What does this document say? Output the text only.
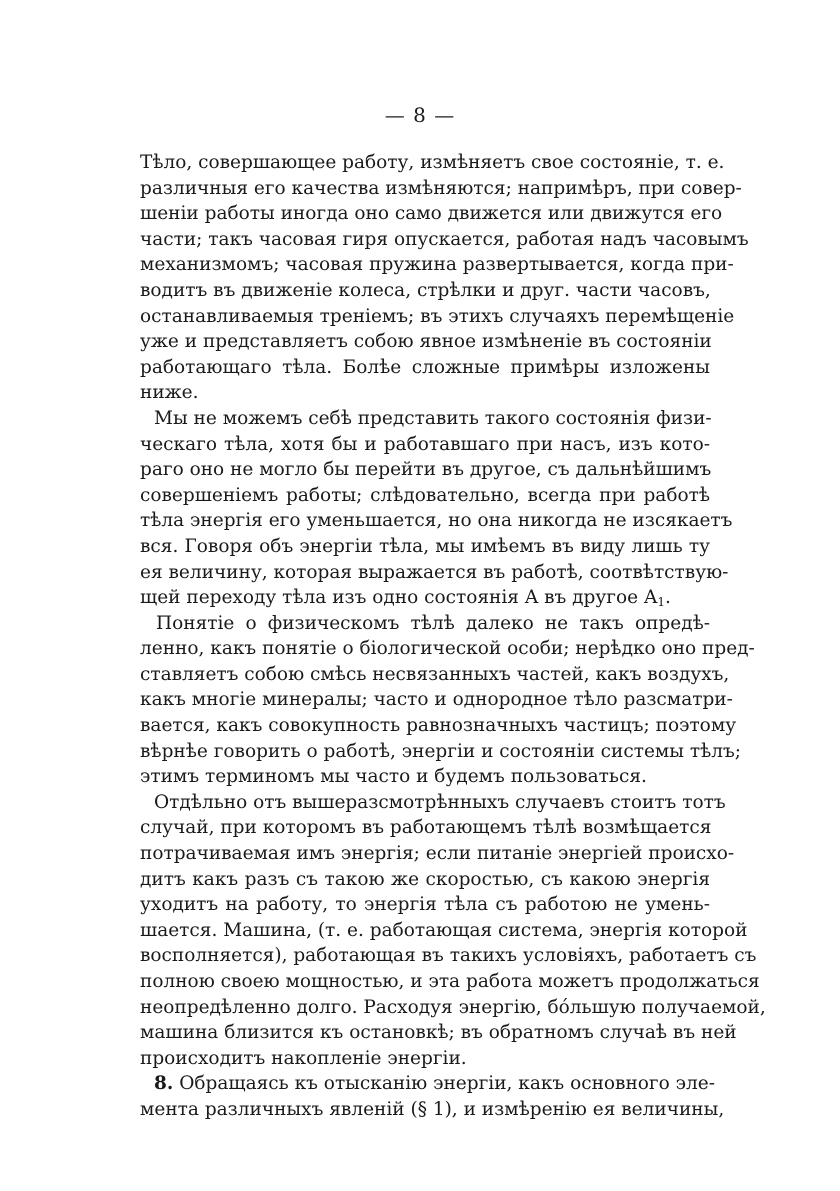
— 8 —
Тѣло, совершающее работу, измѣняетъ свое состояніе, т. е.
различныя его качества измѣняются; напримѣръ, при совер-
шеніи работы иногда оно само движется или движутся его
части; такъ часовая гиря опускается, работая надъ часовымъ
механизмомъ; часовая пружина развертывается, когда при-
водитъ въ движеніе колеса, стрѣлки и друг. части часовъ,
останавливаемыя треніемъ; въ этихъ случаяхъ перемѣщеніе
уже и представляетъ собою явное измѣненіе въ состояніи
работающаго тѣла. Болѣе сложные примѣры изложены
ниже.
Мы не можемъ себѣ представить такого состоянія физи-
ческаго тѣла, хотя бы и работавшаго при насъ, изъ кото-
раго оно не могло бы перейти въ другое, съ дальнѣйшимъ
совершеніемъ работы; слѣдовательно, всегда при работѣ
тѣла энергія его уменьшается, но она никогда не изсякаетъ
вся. Говоря объ энергіи тѣла, мы имѣемъ въ виду лишь ту
ея величину, которая выражается въ работѣ, соотвѣтствую-
щей переходу тѣла изъ одно состоянія A въ другое $A_1$.
Понятіе о физическомъ тѣлѣ далеко не такъ опредѣ-
ленно, какъ понятіе о біологической особи; нерѣдко оно пред-
ставляетъ собою смѣсь несвязанныхъ частей, какъ воздухъ,
какъ многіе минералы; часто и однородное тѣло разсматри-
вается, какъ совокупность равнозначныхъ частицъ; поэтому
вѣрнѣе говорить о работѣ, энергіи и состояніи системы тѣлъ;
этимъ терминомъ мы часто и будемъ пользоваться.
Отдѣльно отъ вышеразсмотрѣнныхъ случаевъ стоитъ тотъ
случай, при которомъ въ работающемъ тѣлѣ возмѣщается
потрачиваемая имъ энергія; если питаніе энергіей происхо-
дитъ какъ разъ съ такою же скоростью, съ какою энергія
уходитъ на работу, то энергія тѣла съ работою не умень-
шается. Машина, (т. е. работающая система, энергія которой
восполняется), работающая въ такихъ условіяхъ, работаетъ съ
полною своею мощностью, и эта работа можетъ продолжаться
неопредѣленно долго. Расходуя энергію, бóльшую получаемой,
машина близится къ остановкѣ; въ обратномъ случаѣ въ ней
происходитъ накопленіе энергіи.
8. Обращаясь къ отысканію энергіи, какъ основного эле-
мента различныхъ явленій (§ 1), и измѣренію ея величины,
